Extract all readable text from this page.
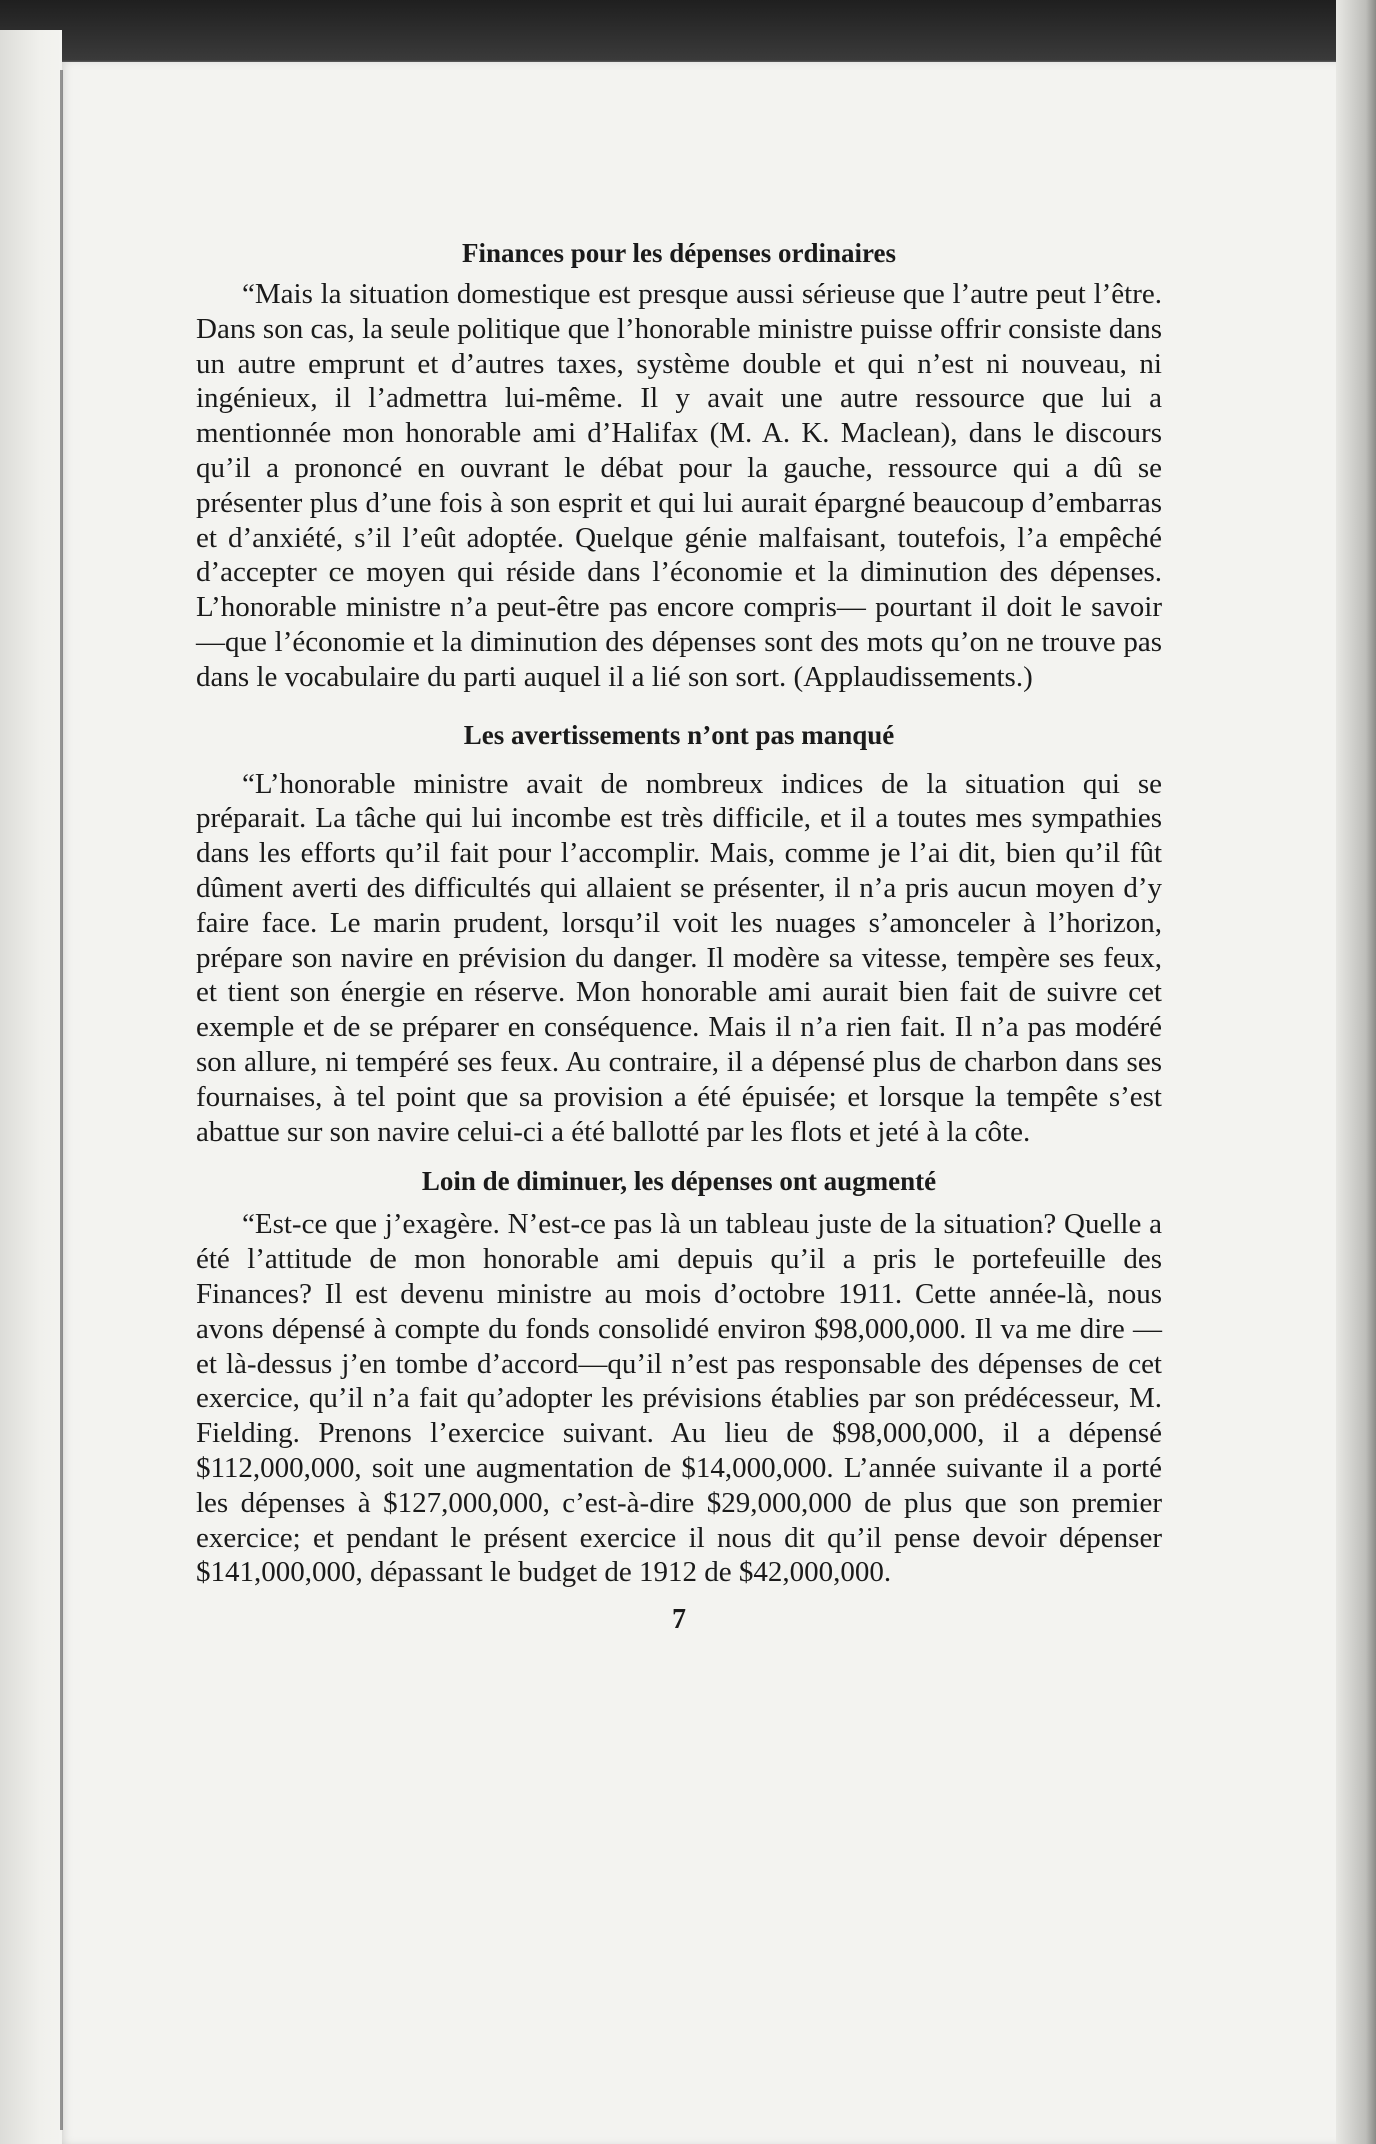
Finances pour les dépenses ordinaires

“Mais la situation domestique est presque aussi sérieuse que l’autre peut l’être. Dans son cas, la seule politique que l’honorable ministre puisse offrir consiste dans un autre emprunt et d’autres taxes, système double et qui n’est ni nouveau, ni ingénieux, il l’admettra lui-même. Il y avait une autre ressource que lui a mentionnée mon honorable ami d’Halifax (M. A. K. Maclean), dans le discours qu’il a prononcé en ouvrant le débat pour la gauche, ressource qui a dû se présenter plus d’une fois à son esprit et qui lui aurait épargné beaucoup d’embarras et d’anxiété, s’il l’eût adoptée. Quelque génie malfaisant, toutefois, l’a empêché d’accepter ce moyen qui réside dans l’économie et la diminution des dépenses. L’honorable ministre n’a peut-être pas encore compris— pourtant il doit le savoir—que l’économie et la diminution des dépenses sont des mots qu’on ne trouve pas dans le vocabulaire du parti auquel il a lié son sort. (Applaudissements.)

Les avertissements n’ont pas manqué

“L’honorable ministre avait de nombreux indices de la situation qui se préparait. La tâche qui lui incombe est très difficile, et il a toutes mes sympathies dans les efforts qu’il fait pour l’accomplir. Mais, comme je l’ai dit, bien qu’il fût dûment averti des difficultés qui allaient se présenter, il n’a pris aucun moyen d’y faire face. Le marin prudent, lorsqu’il voit les nuages s’amonceler à l’horizon, prépare son navire en prévision du danger. Il modère sa vitesse, tempère ses feux, et tient son énergie en réserve. Mon honorable ami aurait bien fait de suivre cet exemple et de se préparer en conséquence. Mais il n’a rien fait. Il n’a pas modéré son allure, ni tempéré ses feux. Au contraire, il a dépensé plus de charbon dans ses fournaises, à tel point que sa provision a été épuisée; et lorsque la tempête s’est abattue sur son navire celui-ci a été ballotté par les flots et jeté à la côte.

Loin de diminuer, les dépenses ont augmenté

“Est-ce que j’exagère. N’est-ce pas là un tableau juste de la situation? Quelle a été l’attitude de mon honorable ami depuis qu’il a pris le portefeuille des Finances? Il est devenu ministre au mois d’octobre 1911. Cette année-là, nous avons dépensé à compte du fonds consolidé environ $98,000,000. Il va me dire — et là-dessus j’en tombe d’accord—qu’il n’est pas responsable des dépenses de cet exercice, qu’il n’a fait qu’adopter les prévisions établies par son prédécesseur, M. Fielding. Prenons l’exercice suivant. Au lieu de $98,000,000, il a dépensé $112,000,000, soit une augmentation de $14,000,000. L’année suivante il a porté les dépenses à $127,000,000, c’est-à-dire $29,000,000 de plus que son premier exercice; et pendant le présent exercice il nous dit qu’il pense devoir dépenser $141,000,000, dépassant le budget de 1912 de $42,000,000.

7
